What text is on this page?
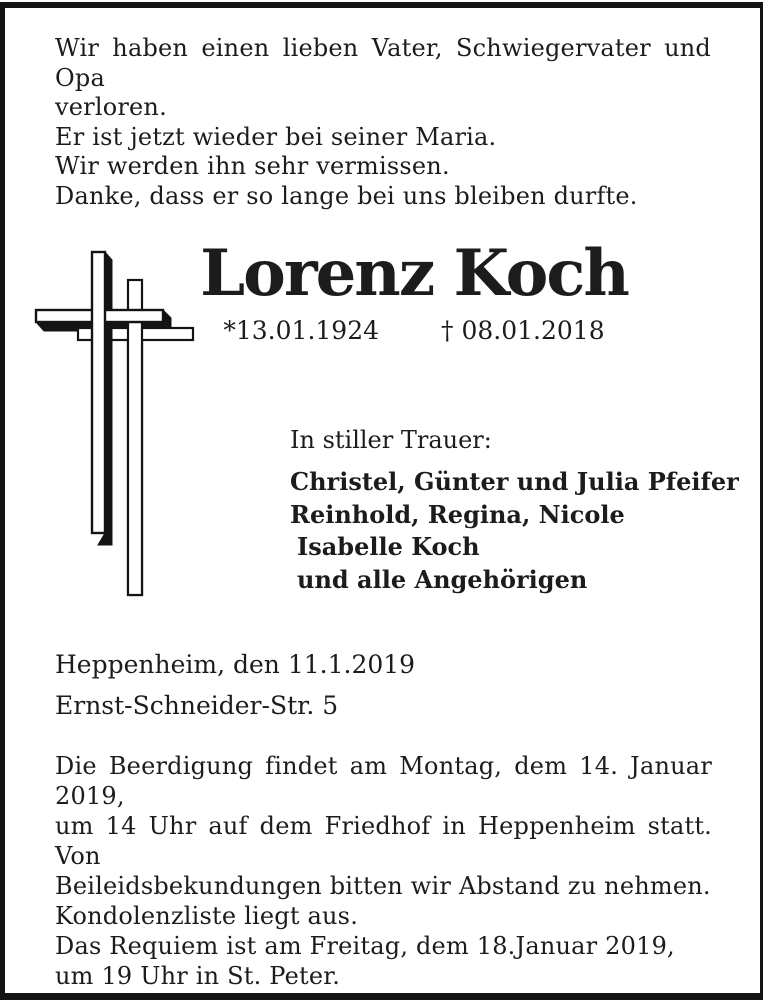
Wir haben einen lieben Vater, Schwiegervater und Opa
verloren.
Er ist jetzt wieder bei seiner Maria.
Wir werden ihn sehr vermissen.
Danke, dass er so lange bei uns bleiben durfte.
Lorenz Koch
*13.01.1924 † 08.01.2018
In stiller Trauer:
Christel, Günter und Julia Pfeifer
Reinhold, Regina, Nicole
Isabelle Koch
und alle Angehörigen
Heppenheim, den 11.1.2019
Ernst-Schneider-Str. 5
Die Beerdigung findet am Montag, dem 14. Januar 2019,
um 14 Uhr auf dem Friedhof in Heppenheim statt. Von
Beileidsbekundungen bitten wir Abstand zu nehmen.
Kondolenzliste liegt aus.
Das Requiem ist am Freitag, dem 18.Januar 2019,
um 19 Uhr in St. Peter.
